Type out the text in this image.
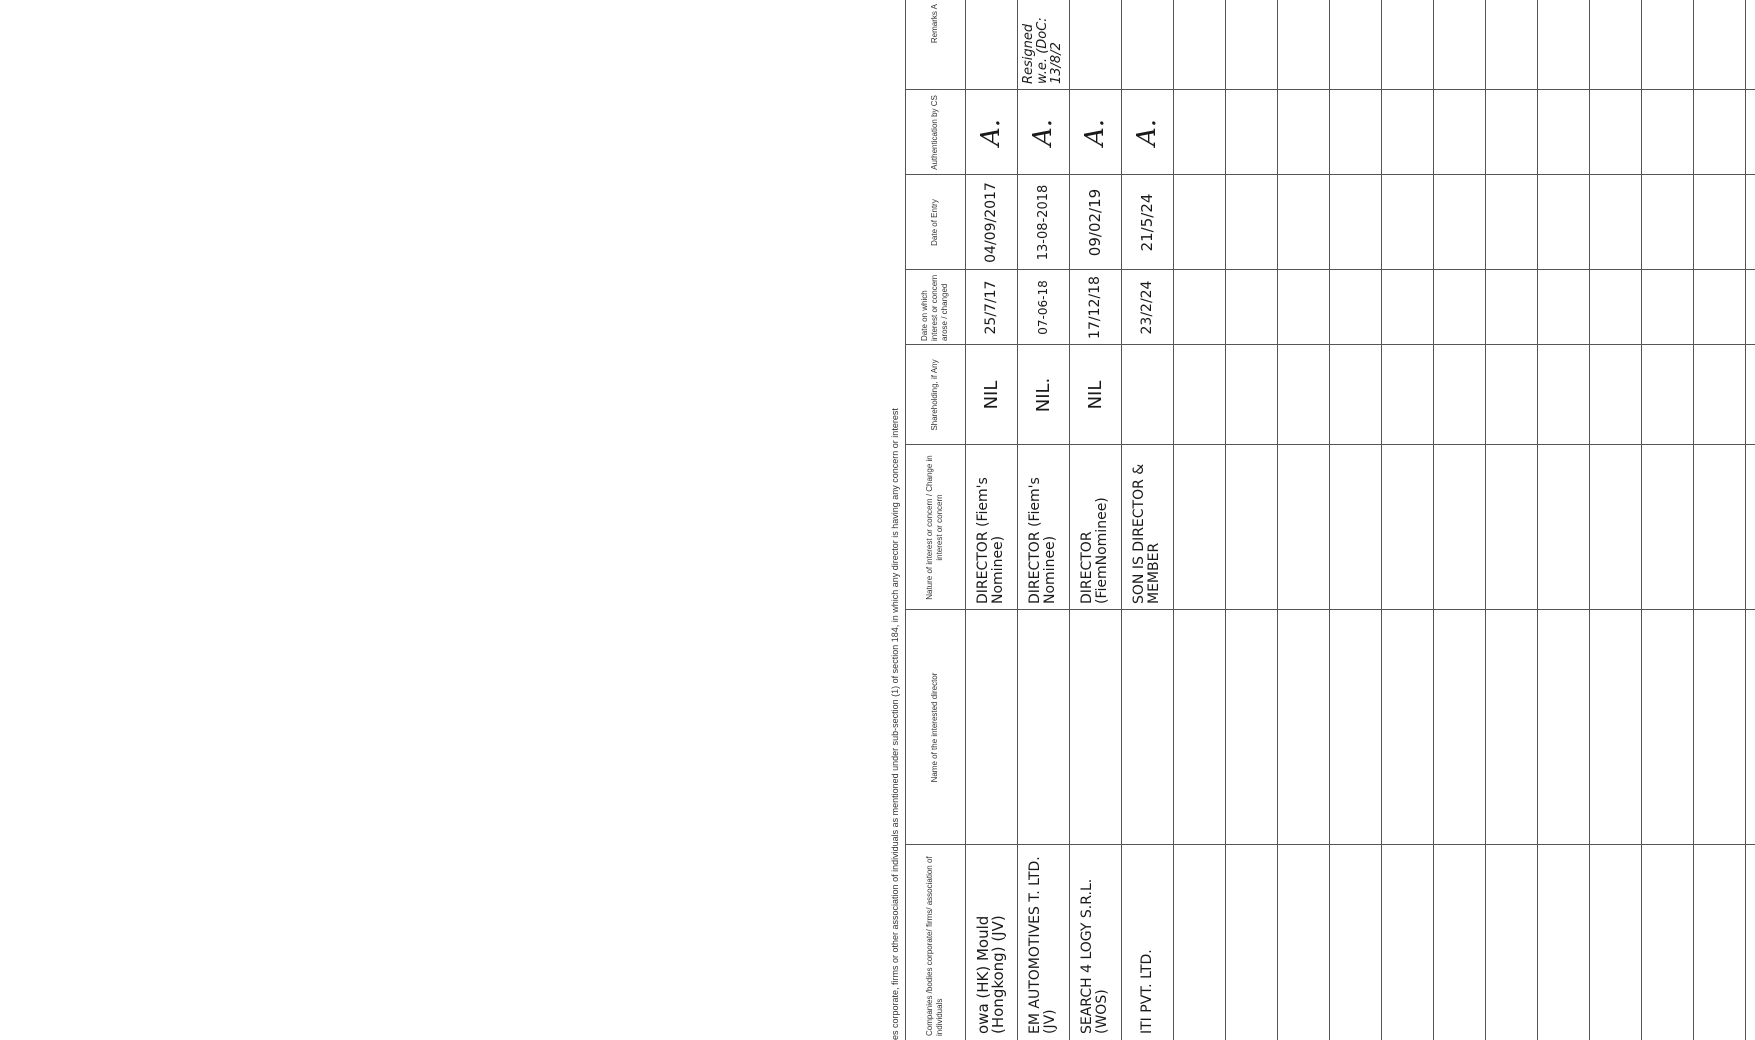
es corporate, firms or other association of individuals as mentioned under sub-section (1) of section 184, in which any director is having any concern or interest	Companies /bodies corporate/ firms/ association of individuals
Name of the interested director
Nature of interest or concern / Change in interest or concern
Shareholding, if Any
Date on which interest or concern arose / changed
Date of Entry
Authentication by CS
Remarks A
owa (HK) Mould (Hongkong) (JV)
DIRECTOR (Fiem's Nominee)
NIL
25/7/17
04/09/2017
A.
EM AUTOMOTIVES T. LTD. (JV)
DIRECTOR (Fiem's Nominee)
NIL.
07-06-18
13-08-2018
A.
Resigned w.e. (DoC: 13/8/2
SEARCH 4 LOGY S.R.L. (WOS)
DIRECTOR (FiemNominee)
NIL
17/12/18
09/02/19
A.
ITI PVT. LTD.
SON IS DIRECTOR & MEMBER
23/2/24
21/5/24
A.
